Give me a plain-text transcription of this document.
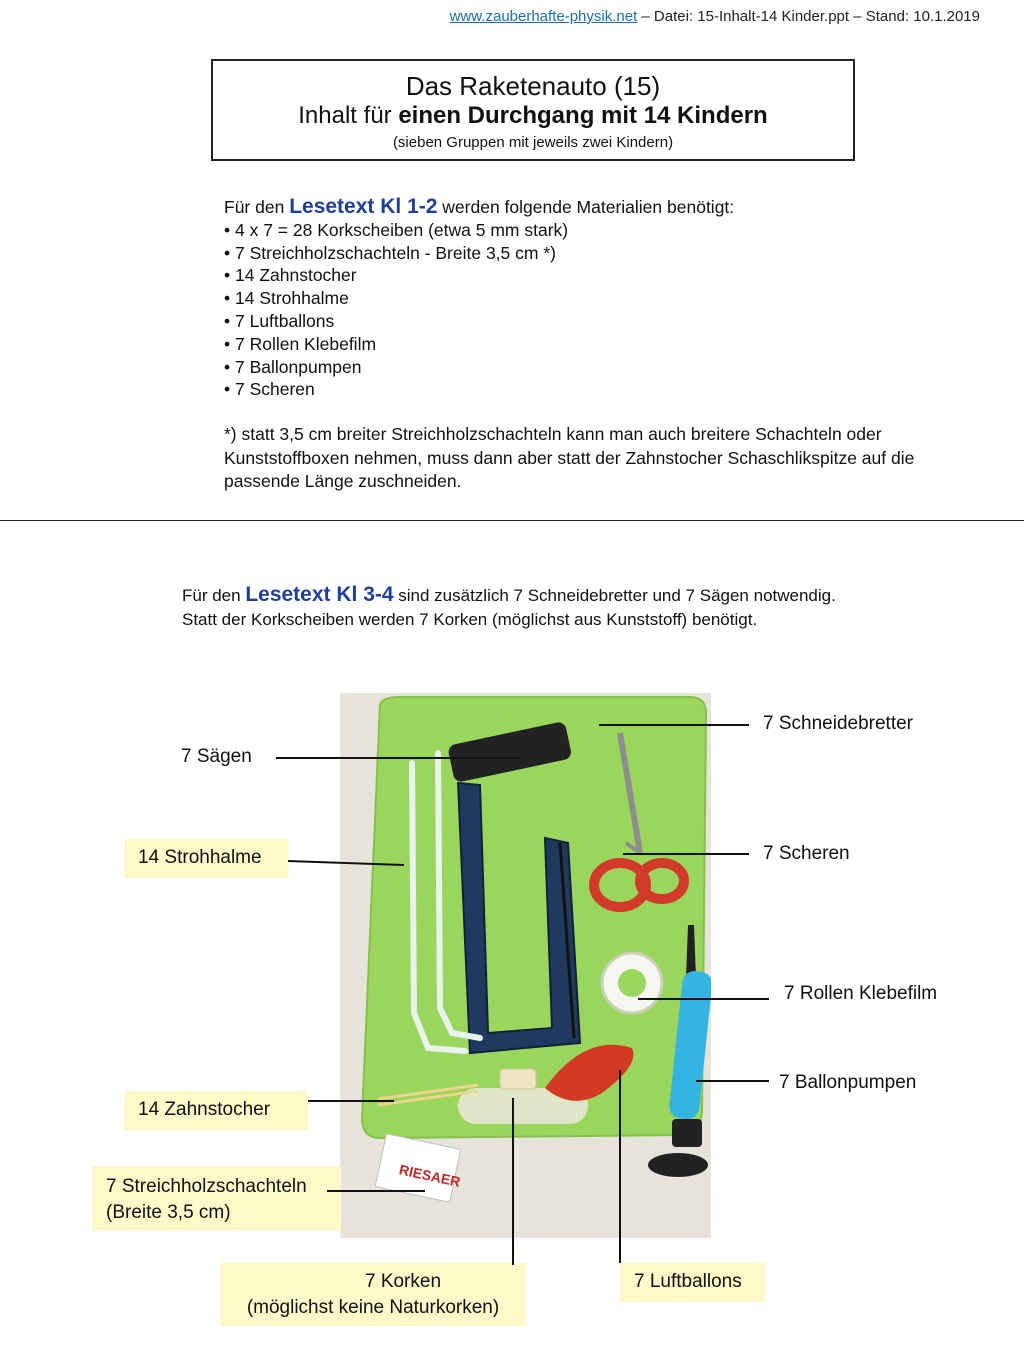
www.zauberhafte-physik.net – Datei: 15-Inhalt-14 Kinder.ppt – Stand: 10.1.2019
Das Raketenauto (15)
Inhalt für einen Durchgang mit 14 Kindern
(sieben Gruppen mit jeweils zwei Kindern)
Für den Lesetext Kl 1-2 werden folgende Materialien benötigt:
• 4 x 7 = 28 Korkscheiben (etwa 5 mm stark)
• 7 Streichholzschachteln - Breite 3,5 cm *)
• 14 Zahnstocher
• 14 Strohhalme
• 7 Luftballons
• 7 Rollen Klebefilm
• 7 Ballonpumpen
• 7 Scheren
*) statt 3,5 cm breiter Streichholzschachteln kann man auch breitere Schachteln oder Kunststoffboxen nehmen, muss dann aber statt der Zahnstocher Schaschlikspitze auf die passende Länge zuschneiden.
Für den Lesetext Kl 3-4 sind zusätzlich 7 Schneidebretter und 7 Sägen notwendig.
Statt der Korkscheiben werden 7 Korken (möglichst aus Kunststoff) benötigt.
RIESAER
7 Sägen
14 Strohhalme
14 Zahnstocher
7 Streichholzschachteln
(Breite 3,5 cm)
7 Korken
(möglichst keine Naturkorken)
7 Luftballons
7 Schneidebretter
7 Scheren
7 Rollen Klebefilm
7 Ballonpumpen
